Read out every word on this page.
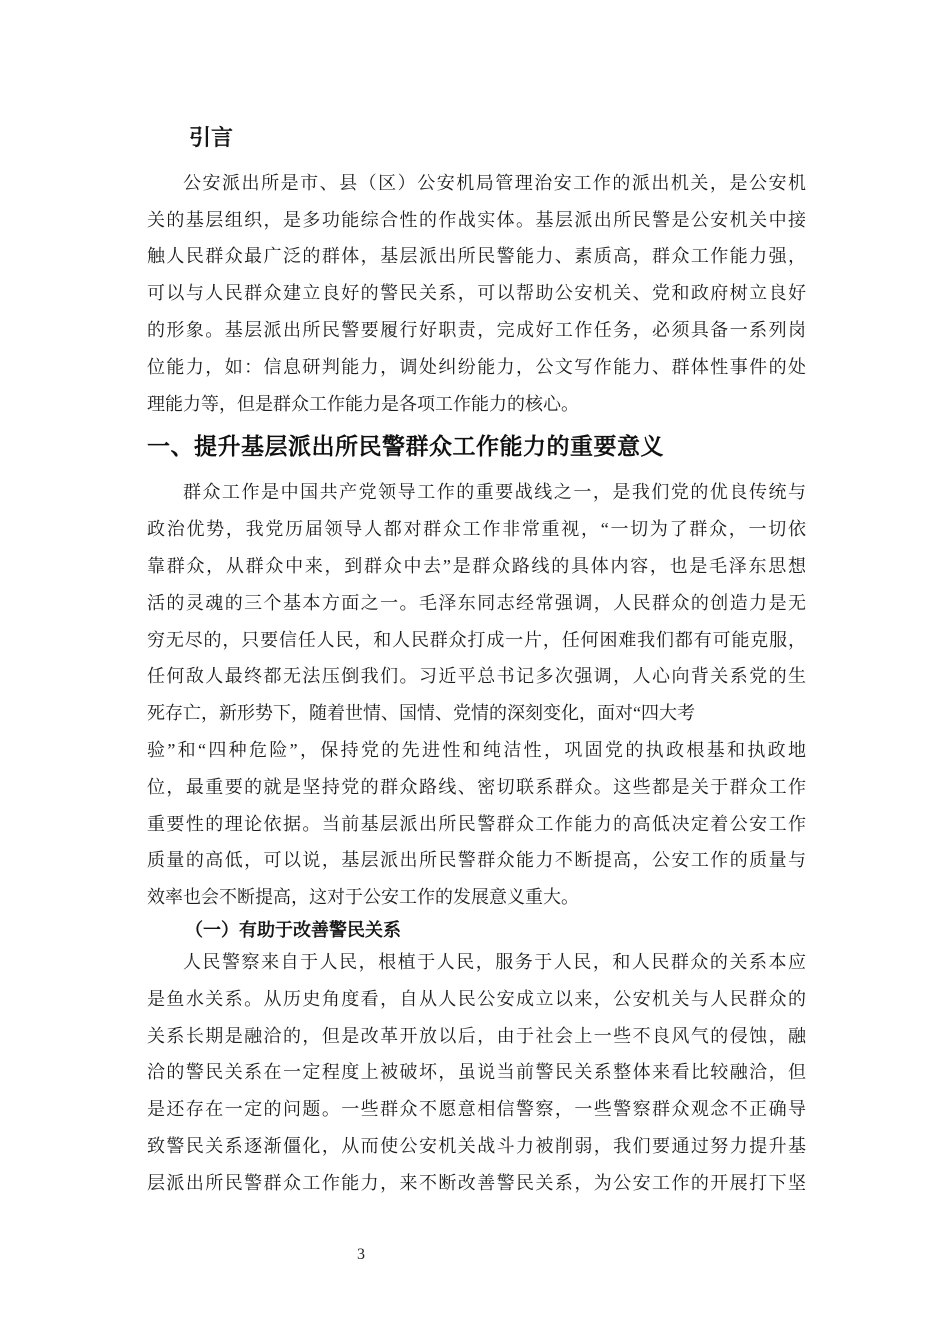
引言
公安派出所是市、县（区）公安机局管理治安工作的派出机关，是公安机
关的基层组织，是多功能综合性的作战实体。基层派出所民警是公安机关中接
触人民群众最广泛的群体，基层派出所民警能力、素质高，群众工作能力强，
可以与人民群众建立良好的警民关系，可以帮助公安机关、党和政府树立良好
的形象。基层派出所民警要履行好职责，完成好工作任务，必须具备一系列岗
位能力，如：信息研判能力，调处纠纷能力，公文写作能力、群体性事件的处
理能力等，但是群众工作能力是各项工作能力的核心。
一、提升基层派出所民警群众工作能力的重要意义
群众工作是中国共产党领导工作的重要战线之一，是我们党的优良传统与
政治优势，我党历届领导人都对群众工作非常重视，“一切为了群众，一切依
靠群众，从群众中来，到群众中去”是群众路线的具体内容，也是毛泽东思想
活的灵魂的三个基本方面之一。毛泽东同志经常强调，人民群众的创造力是无
穷无尽的，只要信任人民，和人民群众打成一片，任何困难我们都有可能克服，
任何敌人最终都无法压倒我们。习近平总书记多次强调，人心向背关系党的生
死存亡，新形势下，随着世情、国情、党情的深刻变化，面对“四大考
验”和“四种危险”，保持党的先进性和纯洁性，巩固党的执政根基和执政地
位，最重要的就是坚持党的群众路线、密切联系群众。这些都是关于群众工作
重要性的理论依据。当前基层派出所民警群众工作能力的高低决定着公安工作
质量的高低，可以说，基层派出所民警群众能力不断提高，公安工作的质量与
效率也会不断提高，这对于公安工作的发展意义重大。
（一）有助于改善警民关系
人民警察来自于人民，根植于人民，服务于人民，和人民群众的关系本应
是鱼水关系。从历史角度看，自从人民公安成立以来，公安机关与人民群众的
关系长期是融洽的，但是改革开放以后，由于社会上一些不良风气的侵蚀，融
洽的警民关系在一定程度上被破坏，虽说当前警民关系整体来看比较融洽，但
是还存在一定的问题。一些群众不愿意相信警察，一些警察群众观念不正确导
致警民关系逐渐僵化，从而使公安机关战斗力被削弱，我们要通过努力提升基
层派出所民警群众工作能力，来不断改善警民关系，为公安工作的开展打下坚
3
